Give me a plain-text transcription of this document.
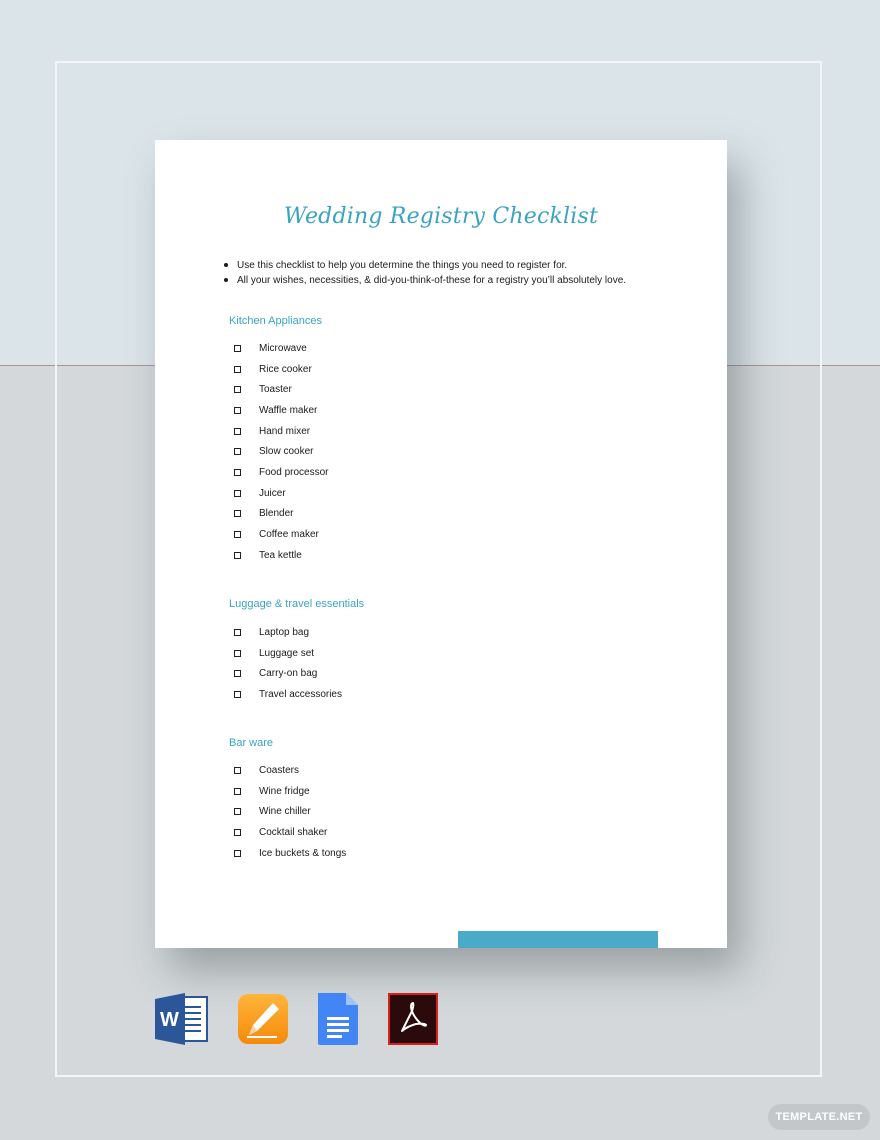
Wedding Registry Checklist
Use this checklist to help you determine the things you need to register for.
All your wishes, necessities, & did-you-think-of-these for a registry you’ll absolutely love.
Kitchen Appliances
Microwave
Rice cooker
Toaster
Waffle maker
Hand mixer
Slow cooker
Food processor
Juicer
Blender
Coffee maker
Tea kettle
Luggage & travel essentials
Laptop bag
Luggage set
Carry-on bag
Travel accessories
Bar ware
Coasters
Wine fridge
Wine chiller
Cocktail shaker
Ice buckets & tongs
W
TEMPLATE.NET
